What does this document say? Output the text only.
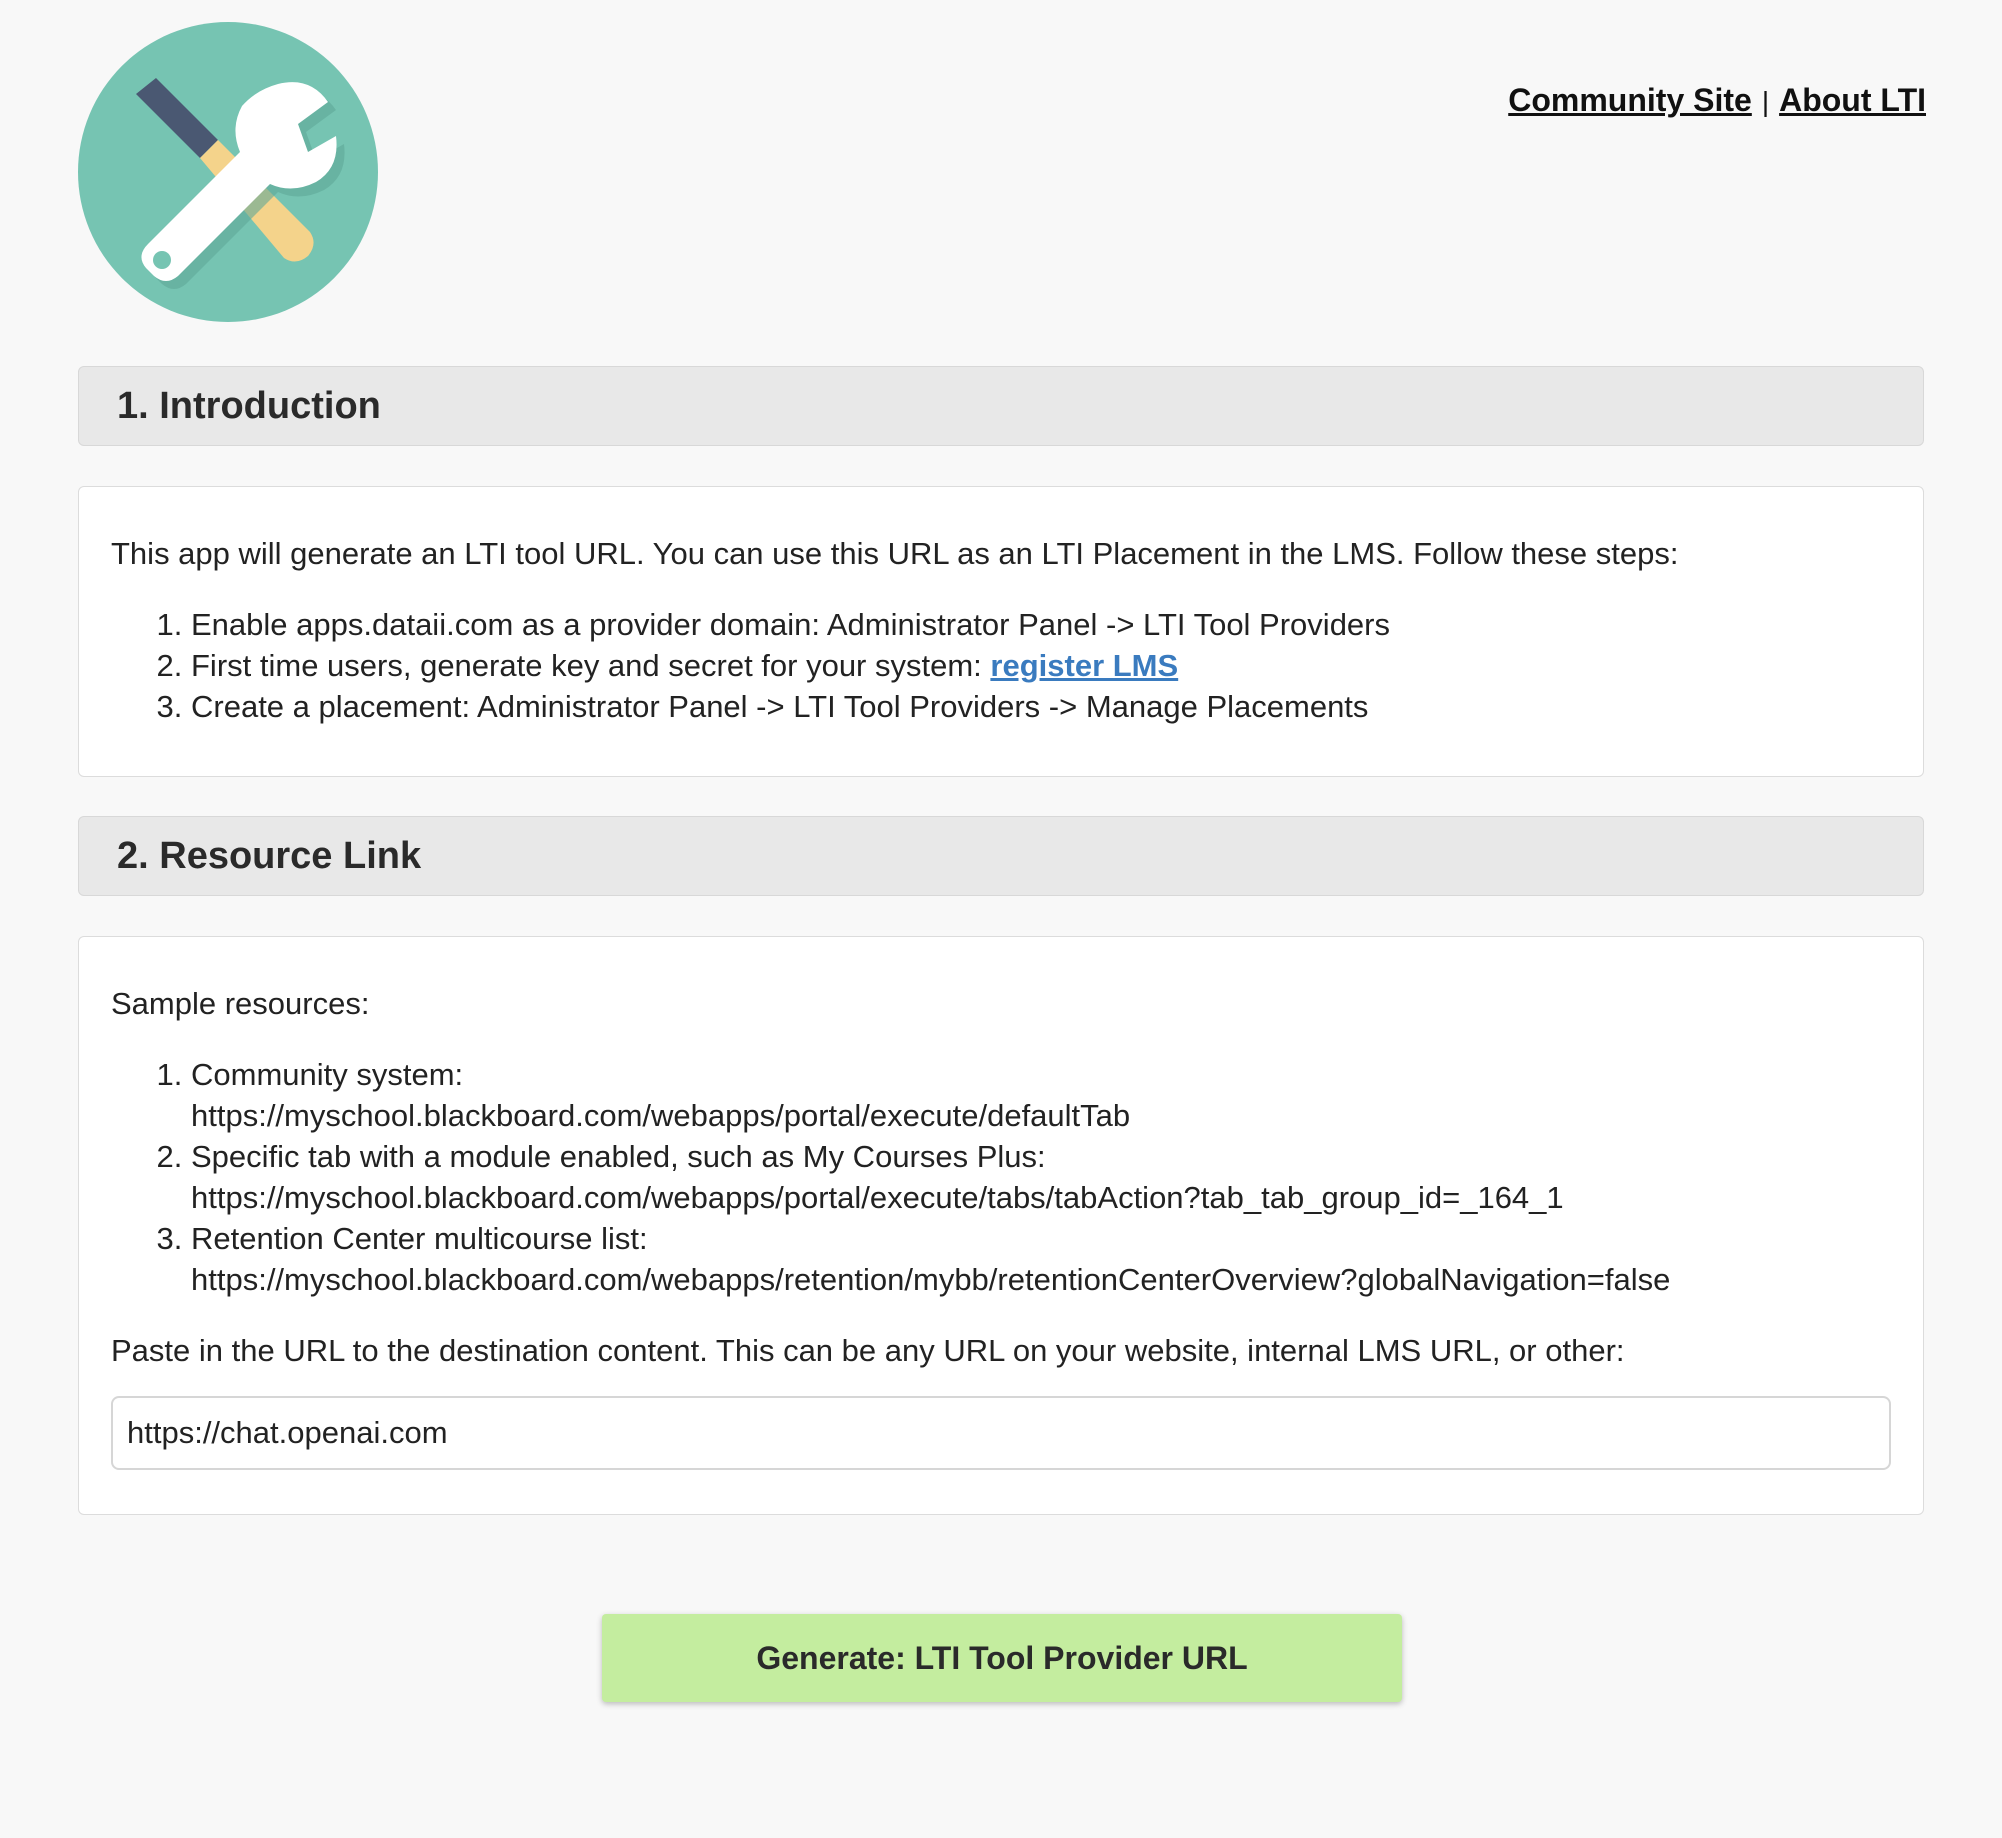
Community Site | About LTI
1. Introduction

This app will generate an LTI tool URL. You can use this URL as an LTI Placement in the LMS. Follow these steps:

1. Enable apps.dataii.com as a provider domain: Administrator Panel -> LTI Tool Providers
2. First time users, generate key and secret for your system: register LMS
3. Create a placement: Administrator Panel -> LTI Tool Providers -> Manage Placements
2. Resource Link

Sample resources:

1. Community system:
https://myschool.blackboard.com/webapps/portal/execute/defaultTab
2. Specific tab with a module enabled, such as My Courses Plus:
https://myschool.blackboard.com/webapps/portal/execute/tabs/tabAction?tab_tab_group_id=_164_1
3. Retention Center multicourse list:
https://myschool.blackboard.com/webapps/retention/mybb/retentionCenterOverview?globalNavigation=false

Paste in the URL to the destination content. This can be any URL on your website, internal LMS URL, or other:

https://chat.openai.com
Generate: LTI Tool Provider URL
